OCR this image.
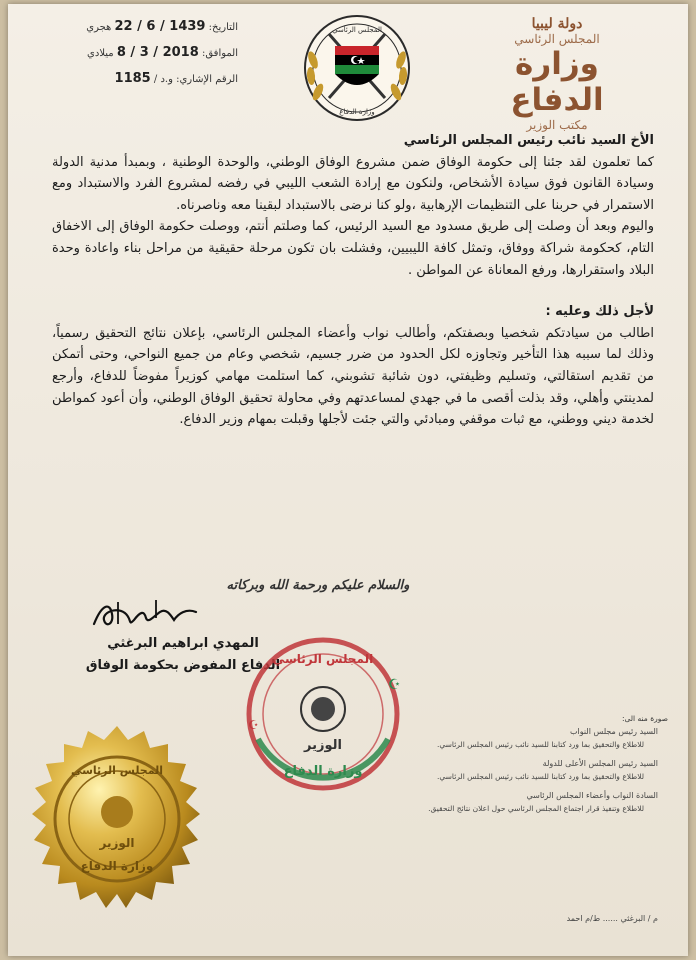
التاريخ: 1439 / 6 / 22 هجري
الموافق: 2018 / 3 / 8 ميلادي
الرقم الإشاري: و.د / 1185
المجلس الرئاسي
وزارة الدفاع
دولة ليبيا
المجلس الرئاسي
وزارة الدفاع
مكتب الوزير
الأخ السيد نائب رئيس المجلس الرئاسي

كما تعلمون لقد جئنا إلى حكومة الوفاق ضمن مشروع الوفاق الوطني، والوحدة الوطنية ، وبمبدأ مدنية الدولة وسيادة القانون فوق سيادة الأشخاص، ولنكون مع إرادة الشعب الليبي في رفضه لمشروع الفرد والاستبداد ومع الاستمرار في حربنا على التنظيمات الإرهابية ،ولو كنا نرضى بالاستبداد لبقينا معه وناصرناه.

واليوم وبعد أن وصلت إلى طريق مسدود مع السيد الرئيس، كما وصلتم أنتم، ووصلت حكومة الوفاق إلى الاخفاق التام، كحكومة شراكة ووفاق، وتمثل كافة الليبيين، وفشلت بان تكون مرحلة حقيقية من مراحل بناء واعادة وحدة البلاد واستقرارها، ورفع المعاناة عن المواطن .

لأجل ذلك وعليه :

اطالب من سيادتكم شخصيا وبصفتكم، وأطالب نواب وأعضاء المجلس الرئاسي، بإعلان نتائج التحقيق رسمياً، وذلك لما سببه هذا التأخير وتجاوزه لكل الحدود من ضرر جسيم، شخصي وعام من جميع النواحي، وحتى أتمكن من تقديم استقالتي، وتسليم وظيفتي، دون شائبة تشوبني، كما استلمت مهامي كوزيراً مفوضاً للدفاع، وأرجع لمدينتي وأهلي، وقد بذلت أقصى ما في جهدي لمساعدتهم وفي محاولة تحقيق الوفاق الوطني، وأن أعود كمواطن لخدمة ديني ووطني، مع ثبات موقفي ومبادئي والتي جئت لأجلها وقبلت بمهام وزير الدفاع.

والسلام عليكم ورحمة الله وبركاته
المهدي ابراهيم البرغثي
الدفاع المفوض بحكومة الوفاق
المجلس الرئاسي
الوزير
وزارة الدفاع
☪
☪
المجلس الرئاسي
الوزير
وزارة الدفاع
صورة منه الى:
السيد رئيس مجلس النواب
للاطلاع والتحقيق بما ورد كتابنا للسيد نائب رئيس المجلس الرئاسي.
السيد رئيس المجلس الأعلى للدولة
للاطلاع والتحقيق بما ورد كتابنا للسيد نائب رئيس المجلس الرئاسي.
السادة النواب وأعضاء المجلس الرئاسي
للاطلاع وتنفيذ قرار اجتماع المجلس الرئاسي حول اعلان نتائج التحقيق.
م / البرغثي ...... ط/م احمد
